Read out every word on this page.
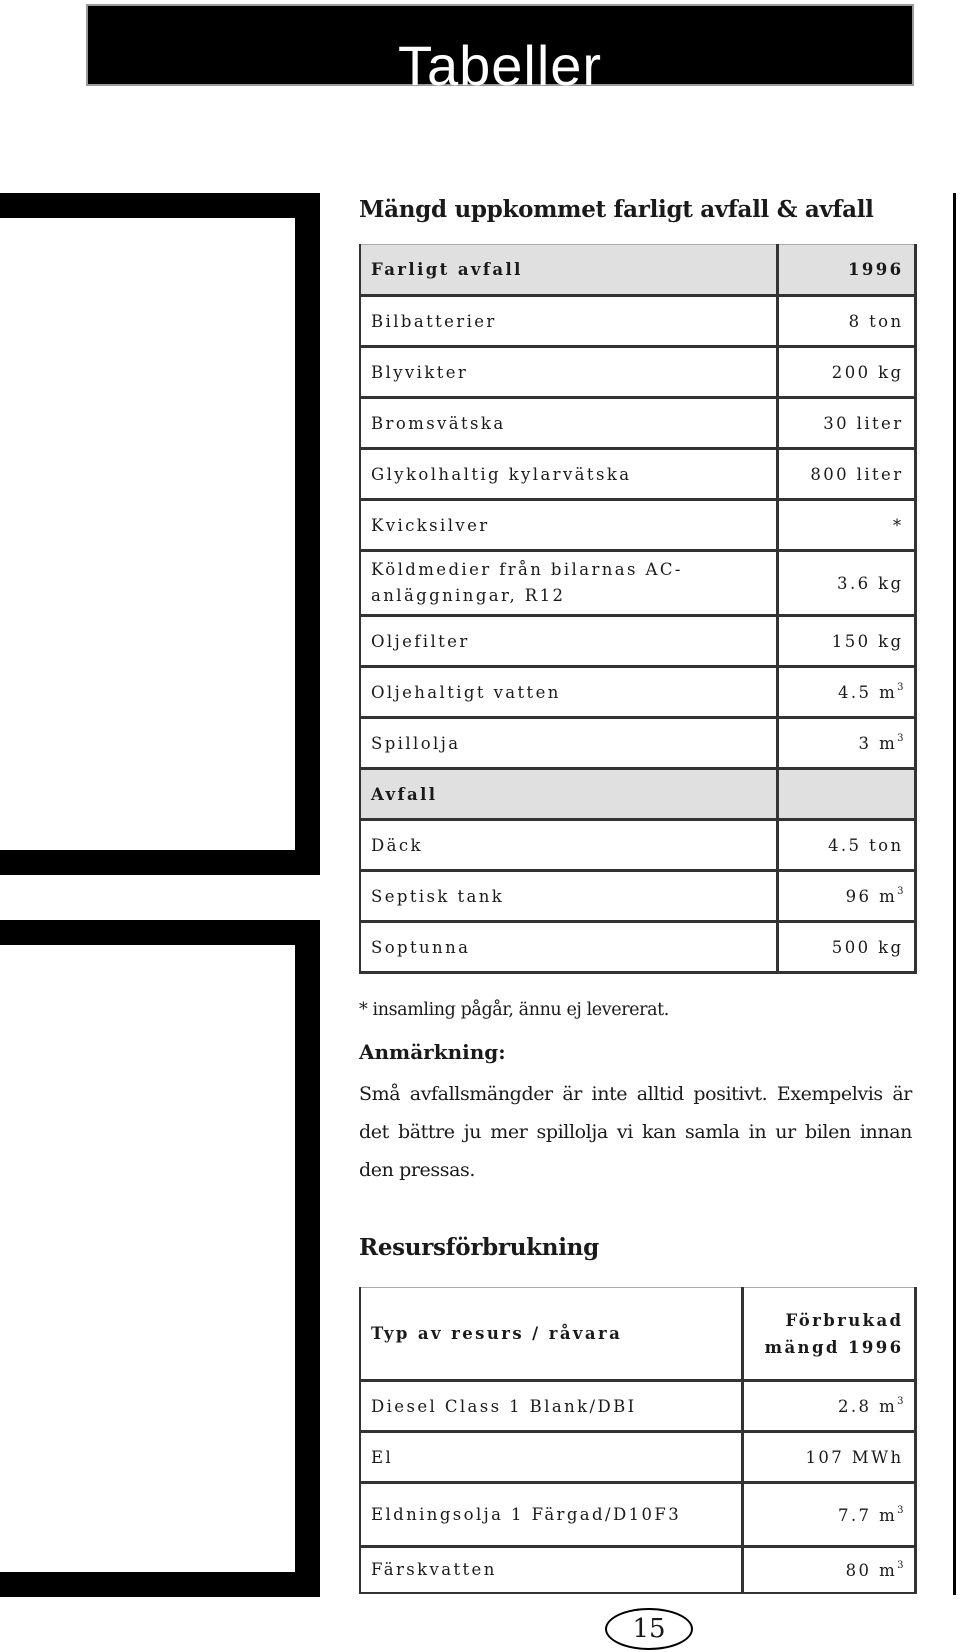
Tabeller
Mängd uppkommet farligt avfall & avfall
Farligt avfall	1996
Bilbatterier	8 ton
Blyvikter	200 kg
Bromsvätska	30 liter
Glykolhaltig kylarvätska	800 liter
Kvicksilver	*
Köldmedier från bilarnas AC-anläggningar, R12	3.6 kg
Oljefilter	150 kg
Oljehaltigt vatten	4.5 $m^3$
Spillolja	3 $m^3$
Avfall	
Däck	4.5 ton
Septisk tank	96 $m^3$
Soptunna	500 kg
* insamling pågår, ännu ej levererat.
Anmärkning:
Små avfallsmängder är inte alltid positivt. Exempelvis är det bättre ju mer spillolja vi kan samla in ur bilen innan den pressas.
Resursförbrukning
Typ av resurs / råvara	Förbrukad mängd 1996
Diesel Class 1 Blank/DBI	2.8 $m^3$
El	107 MWh
Eldningsolja 1 Färgad/D10F3	7.7 $m^3$
Färskvatten	80 $m^3$
15
